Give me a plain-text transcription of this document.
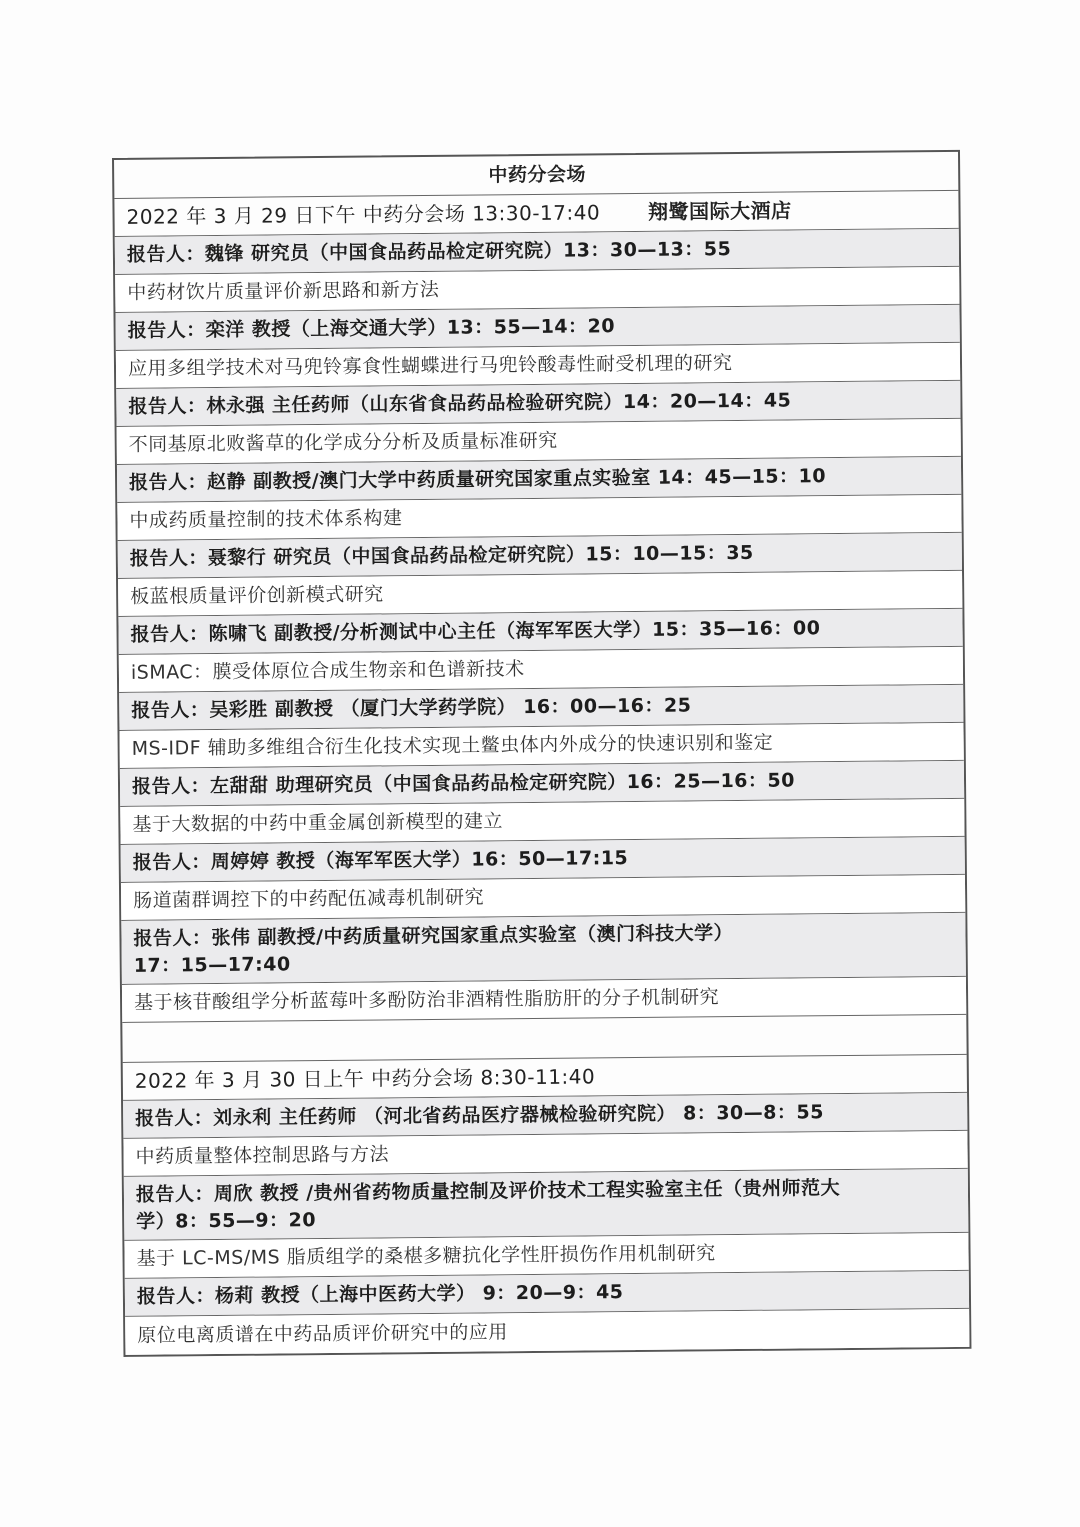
中药分会场
2022 年 3 月 29 日下午 中药分会场 13:30-17:40 翔鹭国际大酒店
报告人：魏锋 研究员（中国食品药品检定研究院）13：30—13：55
中药材饮片质量评价新思路和新方法
报告人：栾洋 教授（上海交通大学）13：55—14：20
应用多组学技术对马兜铃寡食性蝴蝶进行马兜铃酸毒性耐受机理的研究
报告人：林永强 主任药师（山东省食品药品检验研究院）14：20—14：45
不同基原北败酱草的化学成分分析及质量标准研究
报告人：赵静 副教授/澳门大学中药质量研究国家重点实验室 14：45—15：10
中成药质量控制的技术体系构建
报告人：聂黎行 研究员（中国食品药品检定研究院）15：10—15：35
板蓝根质量评价创新模式研究
报告人：陈啸飞 副教授/分析测试中心主任（海军军医大学）15：35—16：00
iSMAC：膜受体原位合成生物亲和色谱新技术
报告人：吴彩胜 副教授 （厦门大学药学院） 16：00—16：25
MS-IDF 辅助多维组合衍生化技术实现土鳖虫体内外成分的快速识别和鉴定
报告人：左甜甜 助理研究员（中国食品药品检定研究院）16：25—16：50
基于大数据的中药中重金属创新模型的建立
报告人：周婷婷 教授（海军军医大学）16：50—17:15
肠道菌群调控下的中药配伍减毒机制研究
报告人：张伟 副教授/中药质量研究国家重点实验室（澳门科技大学）
17：15—17:40
基于核苷酸组学分析蓝莓叶多酚防治非酒精性脂肪肝的分子机制研究
2022 年 3 月 30 日上午 中药分会场 8:30-11:40
报告人：刘永利 主任药师 （河北省药品医疗器械检验研究院） 8：30—8：55
中药质量整体控制思路与方法
报告人：周欣 教授 /贵州省药物质量控制及评价技术工程实验室主任（贵州师范大
学）8：55—9：20
基于 LC-MS/MS 脂质组学的桑椹多糖抗化学性肝损伤作用机制研究
报告人：杨莉 教授（上海中医药大学） 9：20—9：45
原位电离质谱在中药品质评价研究中的应用
